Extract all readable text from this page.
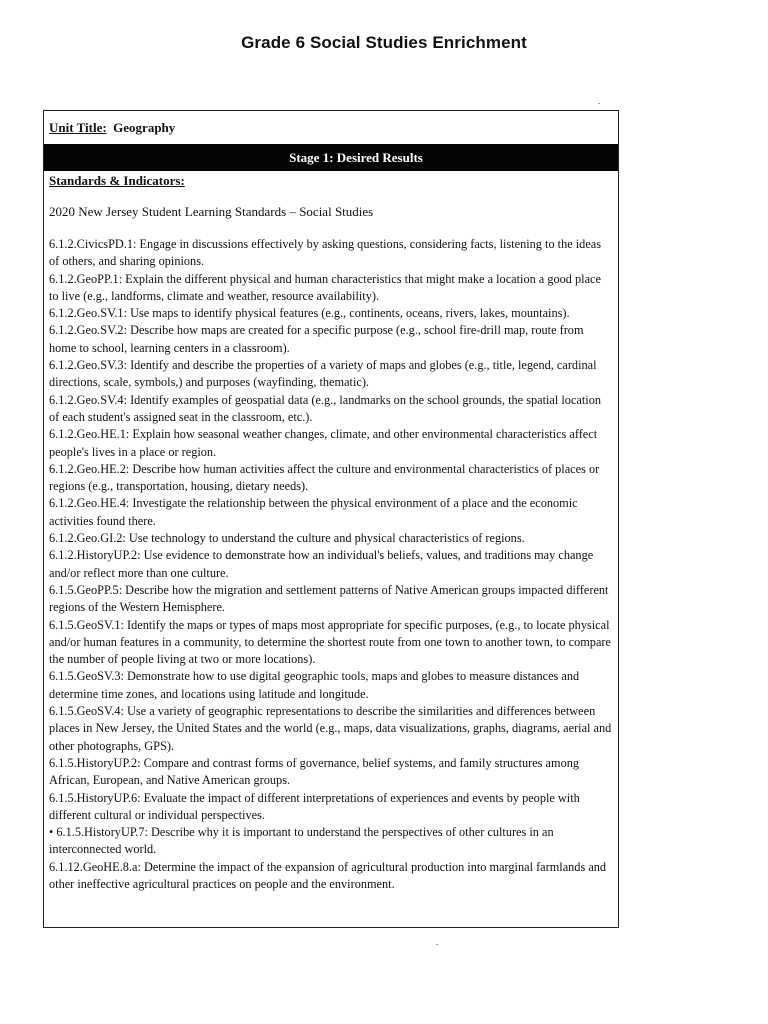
Grade 6 Social Studies Enrichment
Unit Title: Geography
Stage 1: Desired Results

Standards & Indicators:

2020 New Jersey Student Learning Standards – Social Studies

6.1.2.CivicsPD.1: Engage in discussions effectively by asking questions, considering facts, listening to the ideas of others, and sharing opinions.
6.1.2.GeoPP.1: Explain the different physical and human characteristics that might make a location a good place to live (e.g., landforms, climate and weather, resource availability).
6.1.2.Geo.SV.1: Use maps to identify physical features (e.g., continents, oceans, rivers, lakes, mountains).
6.1.2.Geo.SV.2: Describe how maps are created for a specific purpose (e.g., school fire-drill map, route from home to school, learning centers in a classroom).
6.1.2.Geo.SV.3: Identify and describe the properties of a variety of maps and globes (e.g., title, legend, cardinal directions, scale, symbols,) and purposes (wayfinding, thematic).
6.1.2.Geo.SV.4: Identify examples of geospatial data (e.g., landmarks on the school grounds, the spatial location of each student's assigned seat in the classroom, etc.).
6.1.2.Geo.HE.1: Explain how seasonal weather changes, climate, and other environmental characteristics affect people's lives in a place or region.
6.1.2.Geo.HE.2: Describe how human activities affect the culture and environmental characteristics of places or regions (e.g., transportation, housing, dietary needs).
6.1.2.Geo.HE.4: Investigate the relationship between the physical environment of a place and the economic activities found there.
6.1.2.Geo.GI.2: Use technology to understand the culture and physical characteristics of regions.
6.1.2.HistoryUP.2: Use evidence to demonstrate how an individual's beliefs, values, and traditions may change and/or reflect more than one culture.
6.1.5.GeoPP.5: Describe how the migration and settlement patterns of Native American groups impacted different regions of the Western Hemisphere.
6.1.5.GeoSV.1: Identify the maps or types of maps most appropriate for specific purposes, (e.g., to locate physical and/or human features in a community, to determine the shortest route from one town to another town, to compare the number of people living at two or more locations).
6.1.5.GeoSV.3: Demonstrate how to use digital geographic tools, maps and globes to measure distances and determine time zones, and locations using latitude and longitude.
6.1.5.GeoSV.4: Use a variety of geographic representations to describe the similarities and differences between places in New Jersey, the United States and the world (e.g., maps, data visualizations, graphs, diagrams, aerial and other photographs, GPS).
6.1.5.HistoryUP.2: Compare and contrast forms of governance, belief systems, and family structures among African, European, and Native American groups.
6.1.5.HistoryUP.6: Evaluate the impact of different interpretations of experiences and events by people with different cultural or individual perspectives.
• 6.1.5.HistoryUP.7: Describe why it is important to understand the perspectives of other cultures in an interconnected world.
6.1.12.GeoHE.8.a: Determine the impact of the expansion of agricultural production into marginal farmlands and other ineffective agricultural practices on people and the environment.
